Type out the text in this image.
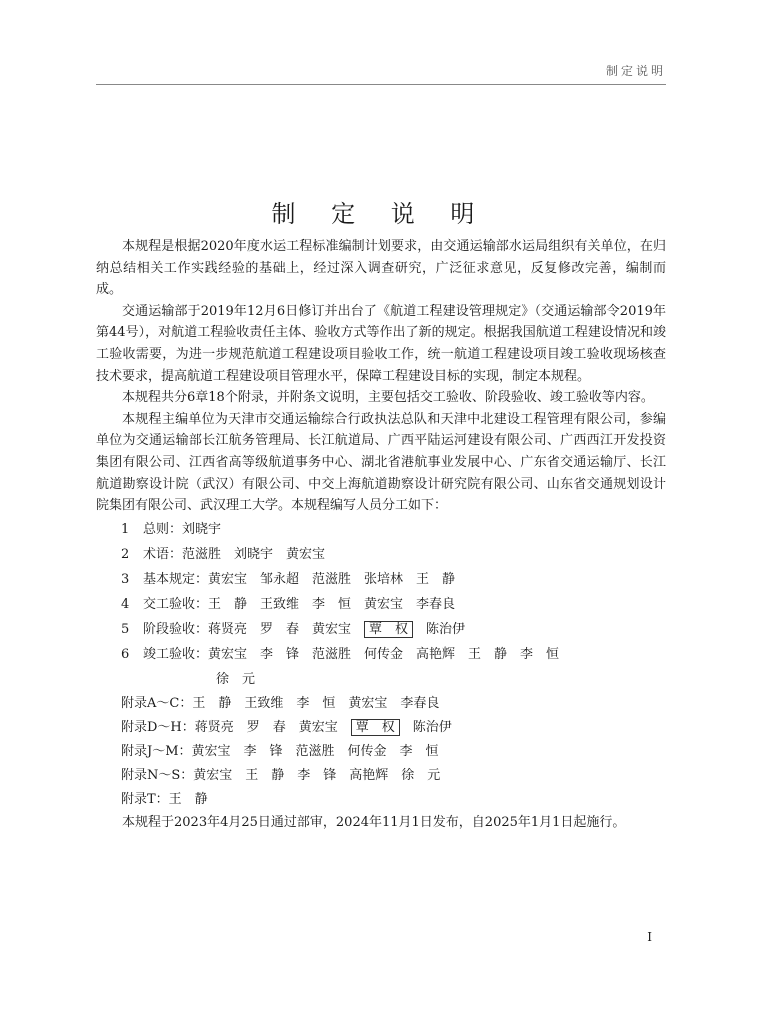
制定说明
制 定 说 明

本规程是根据2020年度水运工程标准编制计划要求，由交通运输部水运局组织有关单位，在归纳总结相关工作实践经验的基础上，经过深入调查研究，广泛征求意见，反复修改完善，编制而成。

交通运输部于2019年12月6日修订并出台了《航道工程建设管理规定》（交通运输部令2019年第44号），对航道工程验收责任主体、验收方式等作出了新的规定。根据我国航道工程建设情况和竣工验收需要，为进一步规范航道工程建设项目验收工作，统一航道工程建设项目竣工验收现场核查技术要求，提高航道工程建设项目管理水平，保障工程建设目标的实现，制定本规程。

本规程共分6章18个附录，并附条文说明，主要包括交工验收、阶段验收、竣工验收等内容。

本规程主编单位为天津市交通运输综合行政执法总队和天津中北建设工程管理有限公司，参编单位为交通运输部长江航务管理局、长江航道局、广西平陆运河建设有限公司、广西西江开发投资集团有限公司、江西省高等级航道事务中心、湖北省港航事业发展中心、广东省交通运输厅、长江航道勘察设计院（武汉）有限公司、中交上海航道勘察设计研究院有限公司、山东省交通规划设计院集团有限公司、武汉理工大学。本规程编写人员分工如下：

1 总则：刘晓宇
2 术语：范滋胜　刘晓宇　黄宏宝
3 基本规定：黄宏宝　邹永超　范滋胜　张培林　王　静
4 交工验收：王　静　王致维　李　恒　黄宏宝　李春良
5 阶段验收：蒋贤亮　罗　春　黄宏宝　覃　权　陈治伊
6 竣工验收：黄宏宝　李　锋　范滋胜　何传金　高艳辉　王　静　李　恒
徐　元
附录A～C：王　静　王致维　李　恒　黄宏宝　李春良
附录D～H：蒋贤亮　罗　春　黄宏宝　覃　权　陈治伊
附录J～M：黄宏宝　李　锋　范滋胜　何传金　李　恒
附录N～S：黄宏宝　王　静　李　锋　高艳辉　徐　元
附录T：王　静

本规程于2023年4月25日通过部审，2024年11月1日发布，自2025年1月1日起施行。

I
